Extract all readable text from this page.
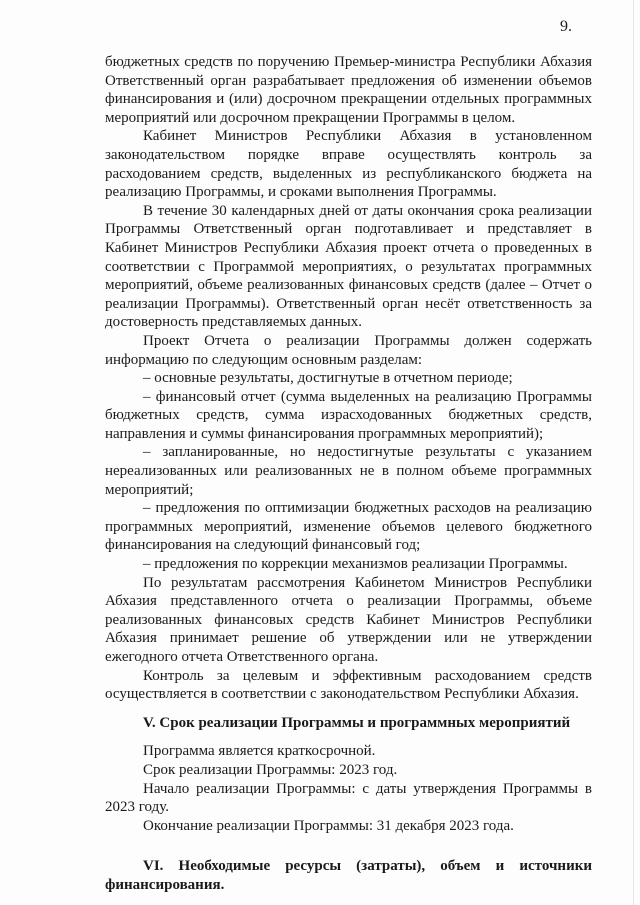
9.

бюджетных средств по поручению Премьер-министра Республики Абхазия Ответственный орган разрабатывает предложения об изменении объемов финансирования и (или) досрочном прекращении отдельных программных мероприятий или досрочном прекращении Программы в целом.

Кабинет Министров Республики Абхазия в установленном законодательством порядке вправе осуществлять контроль за расходованием средств, выделенных из республиканского бюджета на реализацию Программы, и сроками выполнения Программы.

В течение 30 календарных дней от даты окончания срока реализации Программы Ответственный орган подготавливает и представляет в Кабинет Министров Республики Абхазия проект отчета о проведенных в соответствии с Программой мероприятиях, о результатах программных мероприятий, объеме реализованных финансовых средств (далее – Отчет о реализации Программы). Ответственный орган несёт ответственность за достоверность представляемых данных.

Проект Отчета о реализации Программы должен содержать информацию по следующим основным разделам:

– основные результаты, достигнутые в отчетном периоде;

– финансовый отчет (сумма выделенных на реализацию Программы бюджетных средств, сумма израсходованных бюджетных средств, направления и суммы финансирования программных мероприятий);

– запланированные, но недостигнутые результаты с указанием нереализованных или реализованных не в полном объеме программных мероприятий;

– предложения по оптимизации бюджетных расходов на реализацию программных мероприятий, изменение объемов целевого бюджетного финансирования на следующий финансовый год;

– предложения по коррекции механизмов реализации Программы.

По результатам рассмотрения Кабинетом Министров Республики Абхазия представленного отчета о реализации Программы, объеме реализованных финансовых средств Кабинет Министров Республики Абхазия принимает решение об утверждении или не утверждении ежегодного отчета Ответственного органа.

Контроль за целевым и эффективным расходованием средств осуществляется в соответствии с законодательством Республики Абхазия.

V. Срок реализации Программы и программных мероприятий

Программа является краткосрочной.

Срок реализации Программы: 2023 год.

Начало реализации Программы: с даты утверждения Программы в 2023 году.

Окончание реализации Программы: 31 декабря 2023 года.

VI. Необходимые ресурсы (затраты), объем и источники финансирования.
